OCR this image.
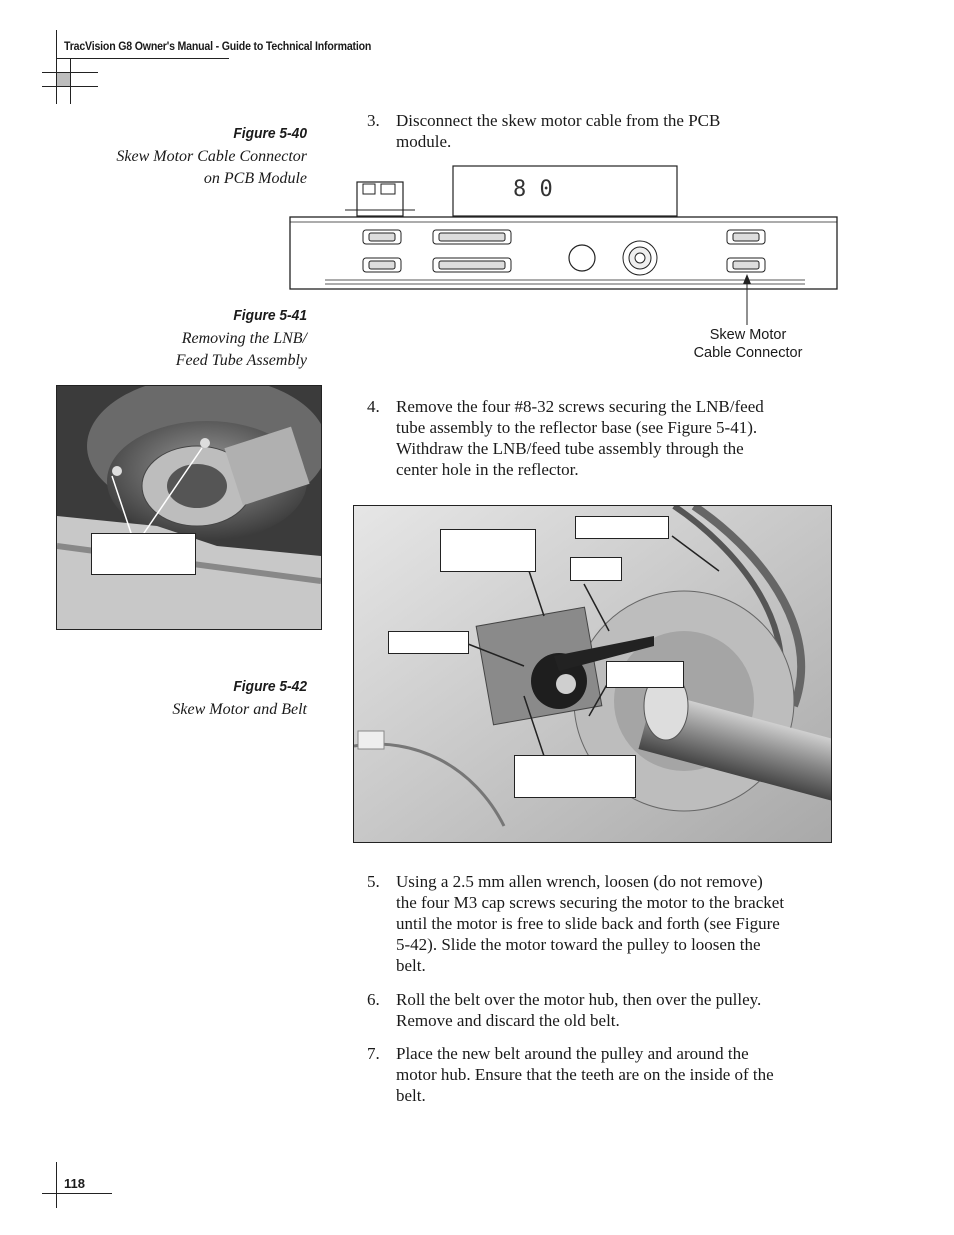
TracVision G8 Owner's Manual - Guide to Technical Information
Figure 5-40
Skew Motor Cable Connector
on PCB Module
3. Disconnect the skew motor cable from the PCB module.
8 0
Skew Motor
Cable Connector
Figure 5-41
Removing the LNB/
Feed Tube Assembly
4. Remove the four #8-32 screws securing the LNB/feed tube assembly to the reflector base (see Figure 5-41). Withdraw the LNB/feed tube assembly through the center hole in the reflector.
Figure 5-42
Skew Motor and Belt
5. Using a 2.5 mm allen wrench, loosen (do not remove) the four M3 cap screws securing the motor to the bracket until the motor is free to slide back and forth (see Figure 5-42). Slide the motor toward the pulley to loosen the belt.
6. Roll the belt over the motor hub, then over the pulley. Remove and discard the old belt.
7. Place the new belt around the pulley and around the motor hub. Ensure that the teeth are on the inside of the belt.
118
